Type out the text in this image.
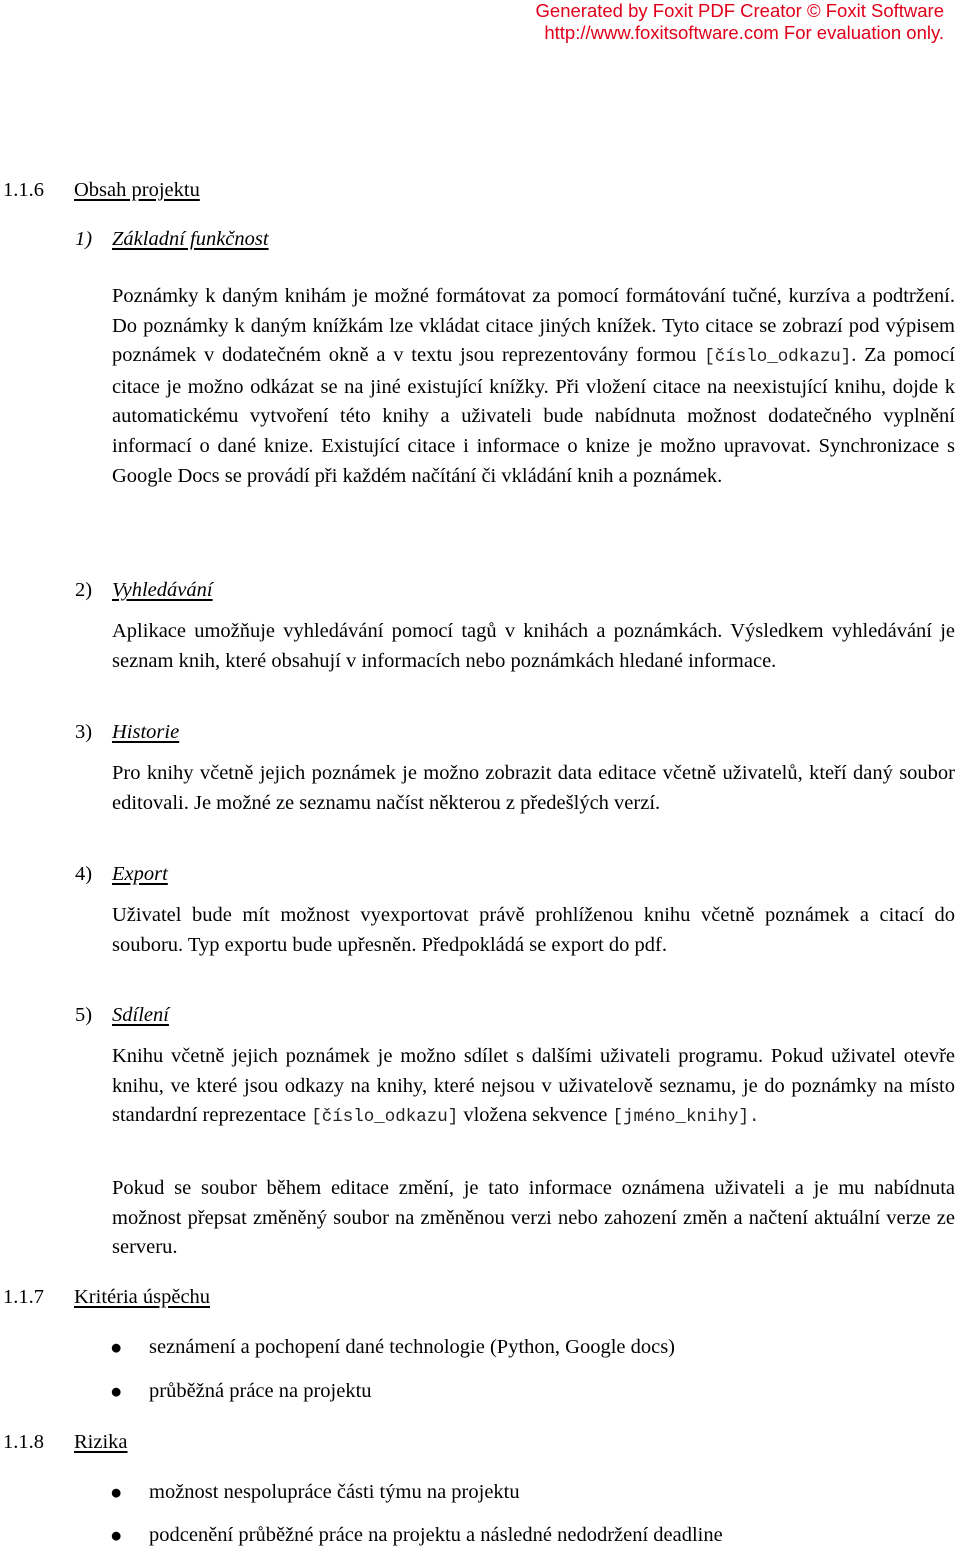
Generated by Foxit PDF Creator © Foxit Software
http://www.foxitsoftware.com For evaluation only.
1.1.6 Obsah projektu
1) Základní funkčnost
Poznámky k daným knihám je možné formátovat za pomocí formátování tučné, kurzíva a podtržení. Do poznámky k daným knížkám lze vkládat citace jiných knížek. Tyto citace se zobrazí pod výpisem poznámek v dodatečném okně a v textu jsou reprezentovány formou [číslo_odkazu]. Za pomocí citace je možno odkázat se na jiné existující knížky. Při vložení citace na neexistující knihu, dojde k automatickému vytvoření této knihy a uživateli bude nabídnuta možnost dodatečného vyplnění informací o dané knize. Existující citace i informace o knize je možno upravovat. Synchronizace s Google Docs se provádí při každém načítání či vkládání knih a poznámek.
2) Vyhledávání
Aplikace umožňuje vyhledávání pomocí tagů v knihách a poznámkách. Výsledkem vyhledávání je seznam knih, které obsahují v informacích nebo poznámkách hledané informace.
3) Historie
Pro knihy včetně jejich poznámek je možno zobrazit data editace včetně uživatelů, kteří daný soubor editovali. Je možné ze seznamu načíst některou z předešlých verzí.
4) Export
Uživatel bude mít možnost vyexportovat právě prohlíženou knihu včetně poznámek a citací do souboru. Typ exportu bude upřesněn. Předpokládá se export do pdf.
5) Sdílení
Knihu včetně jejich poznámek je možno sdílet s dalšími uživateli programu. Pokud uživatel otevře knihu, ve které jsou odkazy na knihy, které nejsou v uživatelově seznamu, je do poznámky na místo standardní reprezentace [číslo_odkazu] vložena sekvence [jméno_knihy].
Pokud se soubor během editace změní, je tato informace oznámena uživateli a je mu nabídnuta možnost přepsat změněný soubor na změněnou verzi nebo zahození změn a načtení aktuální verze ze serveru.
1.1.7 Kritéria úspěchu
● seznámení a pochopení dané technologie (Python, Google docs)
● průběžná práce na projektu
1.1.8 Rizika
● možnost nespolupráce části týmu na projektu
● podcenění průběžné práce na projektu a následné nedodržení deadline
